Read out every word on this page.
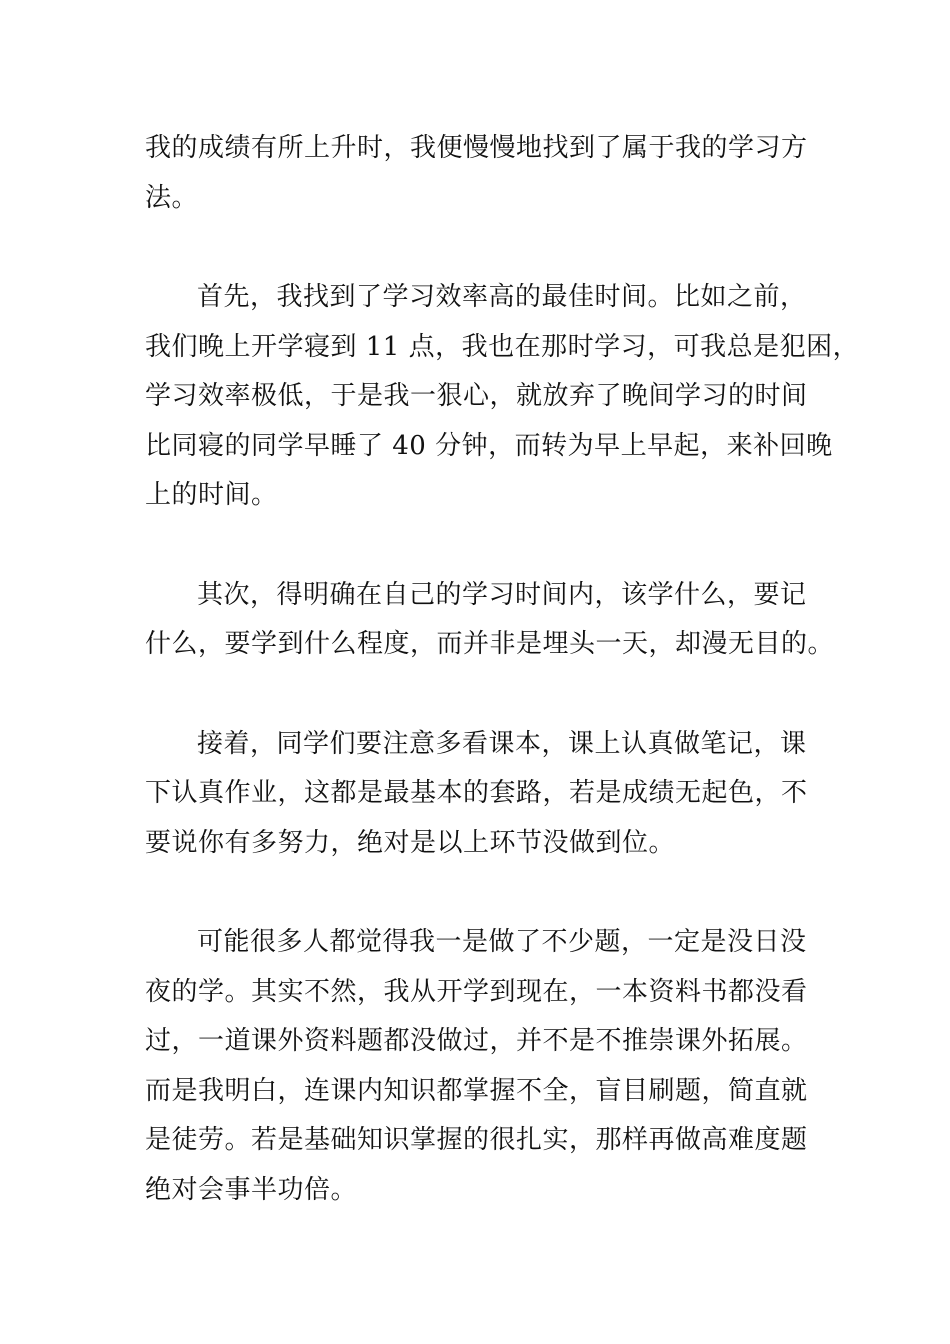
我的成绩有所上升时，我便慢慢地找到了属于我的学习方
法。
首先，我找到了学习效率高的最佳时间。比如之前，
我们晚上开学寝到 11 点，我也在那时学习，可我总是犯困，
学习效率极低，于是我一狠心，就放弃了晚间学习的时间
比同寝的同学早睡了 40 分钟，而转为早上早起，来补回晚
上的时间。
其次，得明确在自己的学习时间内，该学什么，要记
什么，要学到什么程度，而并非是埋头一天，却漫无目的。
接着，同学们要注意多看课本，课上认真做笔记，课
下认真作业，这都是最基本的套路，若是成绩无起色，不
要说你有多努力，绝对是以上环节没做到位。
可能很多人都觉得我一是做了不少题，一定是没日没
夜的学。其实不然，我从开学到现在，一本资料书都没看
过，一道课外资料题都没做过，并不是不推崇课外拓展。
而是我明白，连课内知识都掌握不全，盲目刷题，简直就
是徒劳。若是基础知识掌握的很扎实，那样再做高难度题
绝对会事半功倍。
